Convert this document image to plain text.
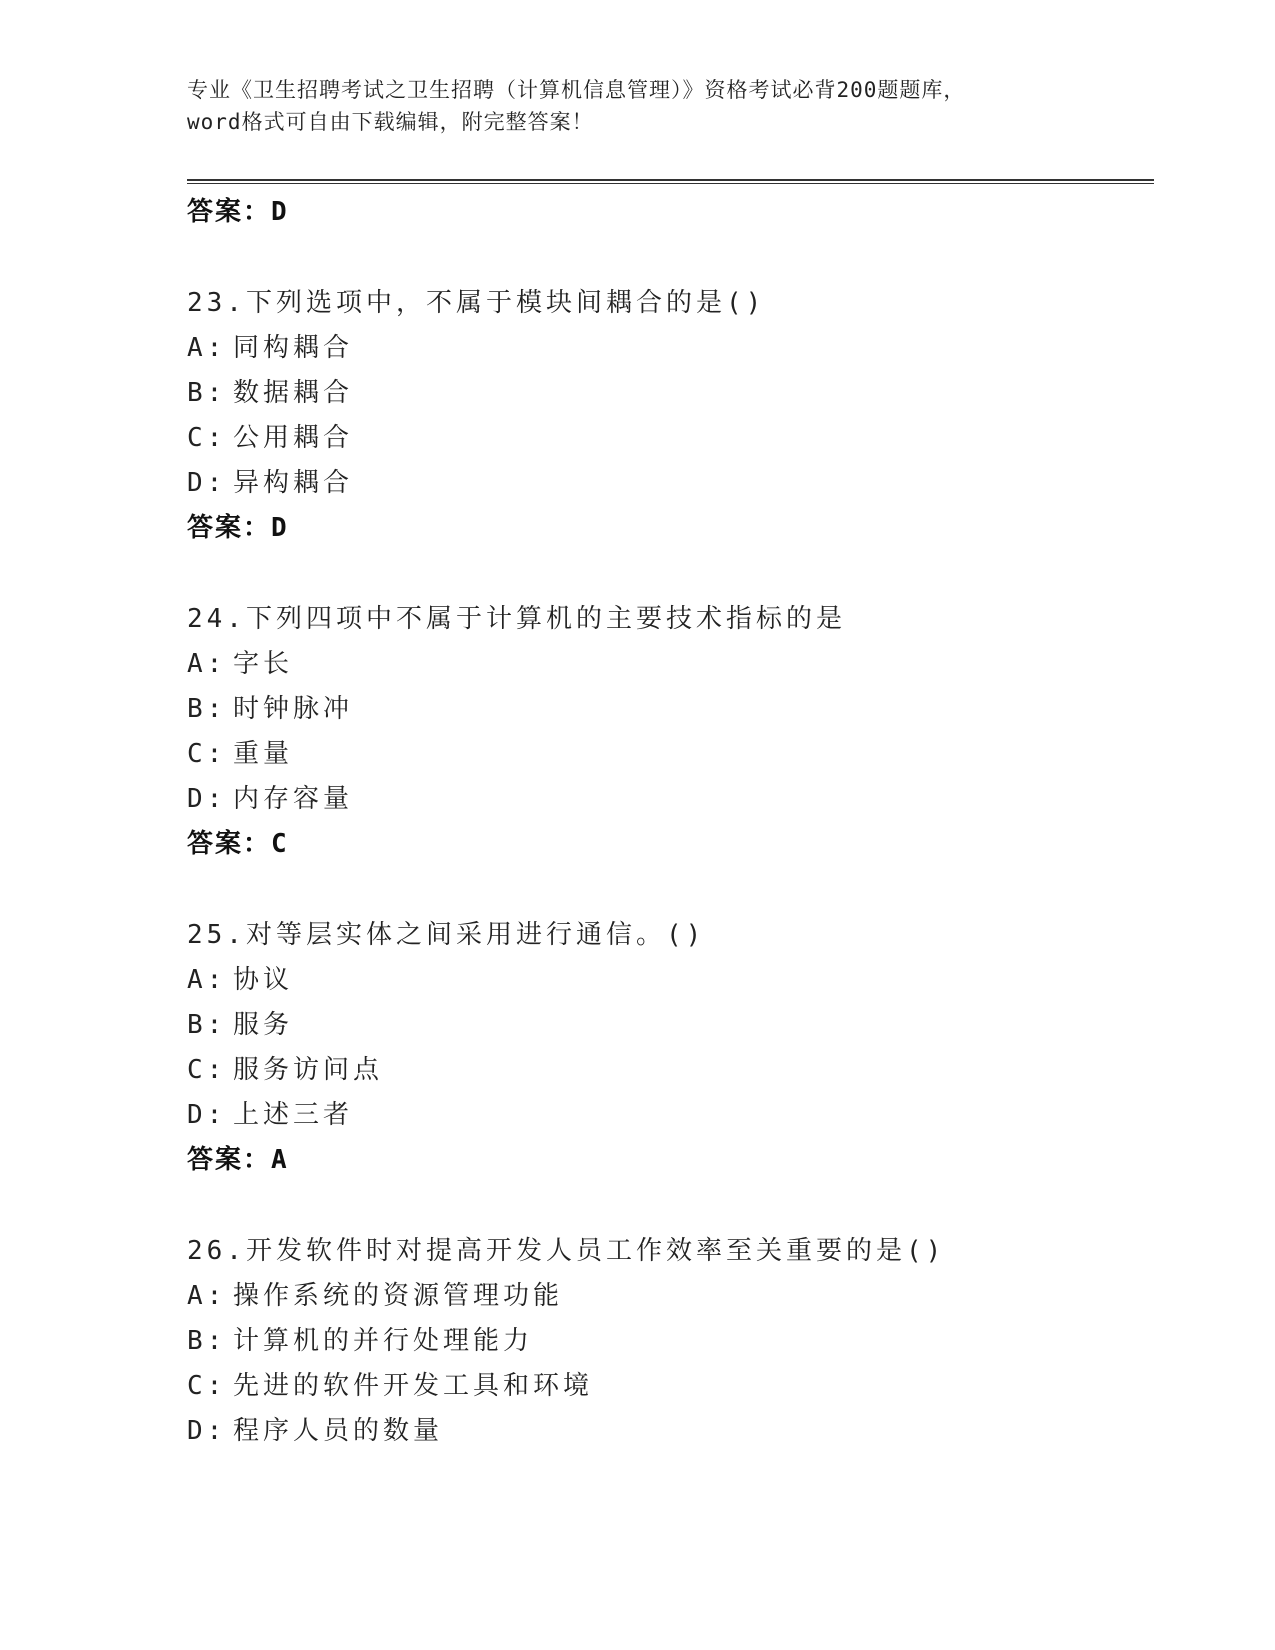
专业《卫生招聘考试之卫生招聘（计算机信息管理）》资格考试必背200题题库，
word格式可自由下载编辑，附完整答案！
答案：D
23.下列选项中，不属于模块间耦合的是()
A: 同构耦合
B: 数据耦合
C: 公用耦合
D: 异构耦合
答案：D
24.下列四项中不属于计算机的主要技术指标的是
A: 字长
B: 时钟脉冲
C: 重量
D: 内存容量
答案：C
25.对等层实体之间采用进行通信。()
A: 协议
B: 服务
C: 服务访问点
D: 上述三者
答案：A
26.开发软件时对提高开发人员工作效率至关重要的是()
A: 操作系统的资源管理功能
B: 计算机的并行处理能力
C: 先进的软件开发工具和环境
D: 程序人员的数量
